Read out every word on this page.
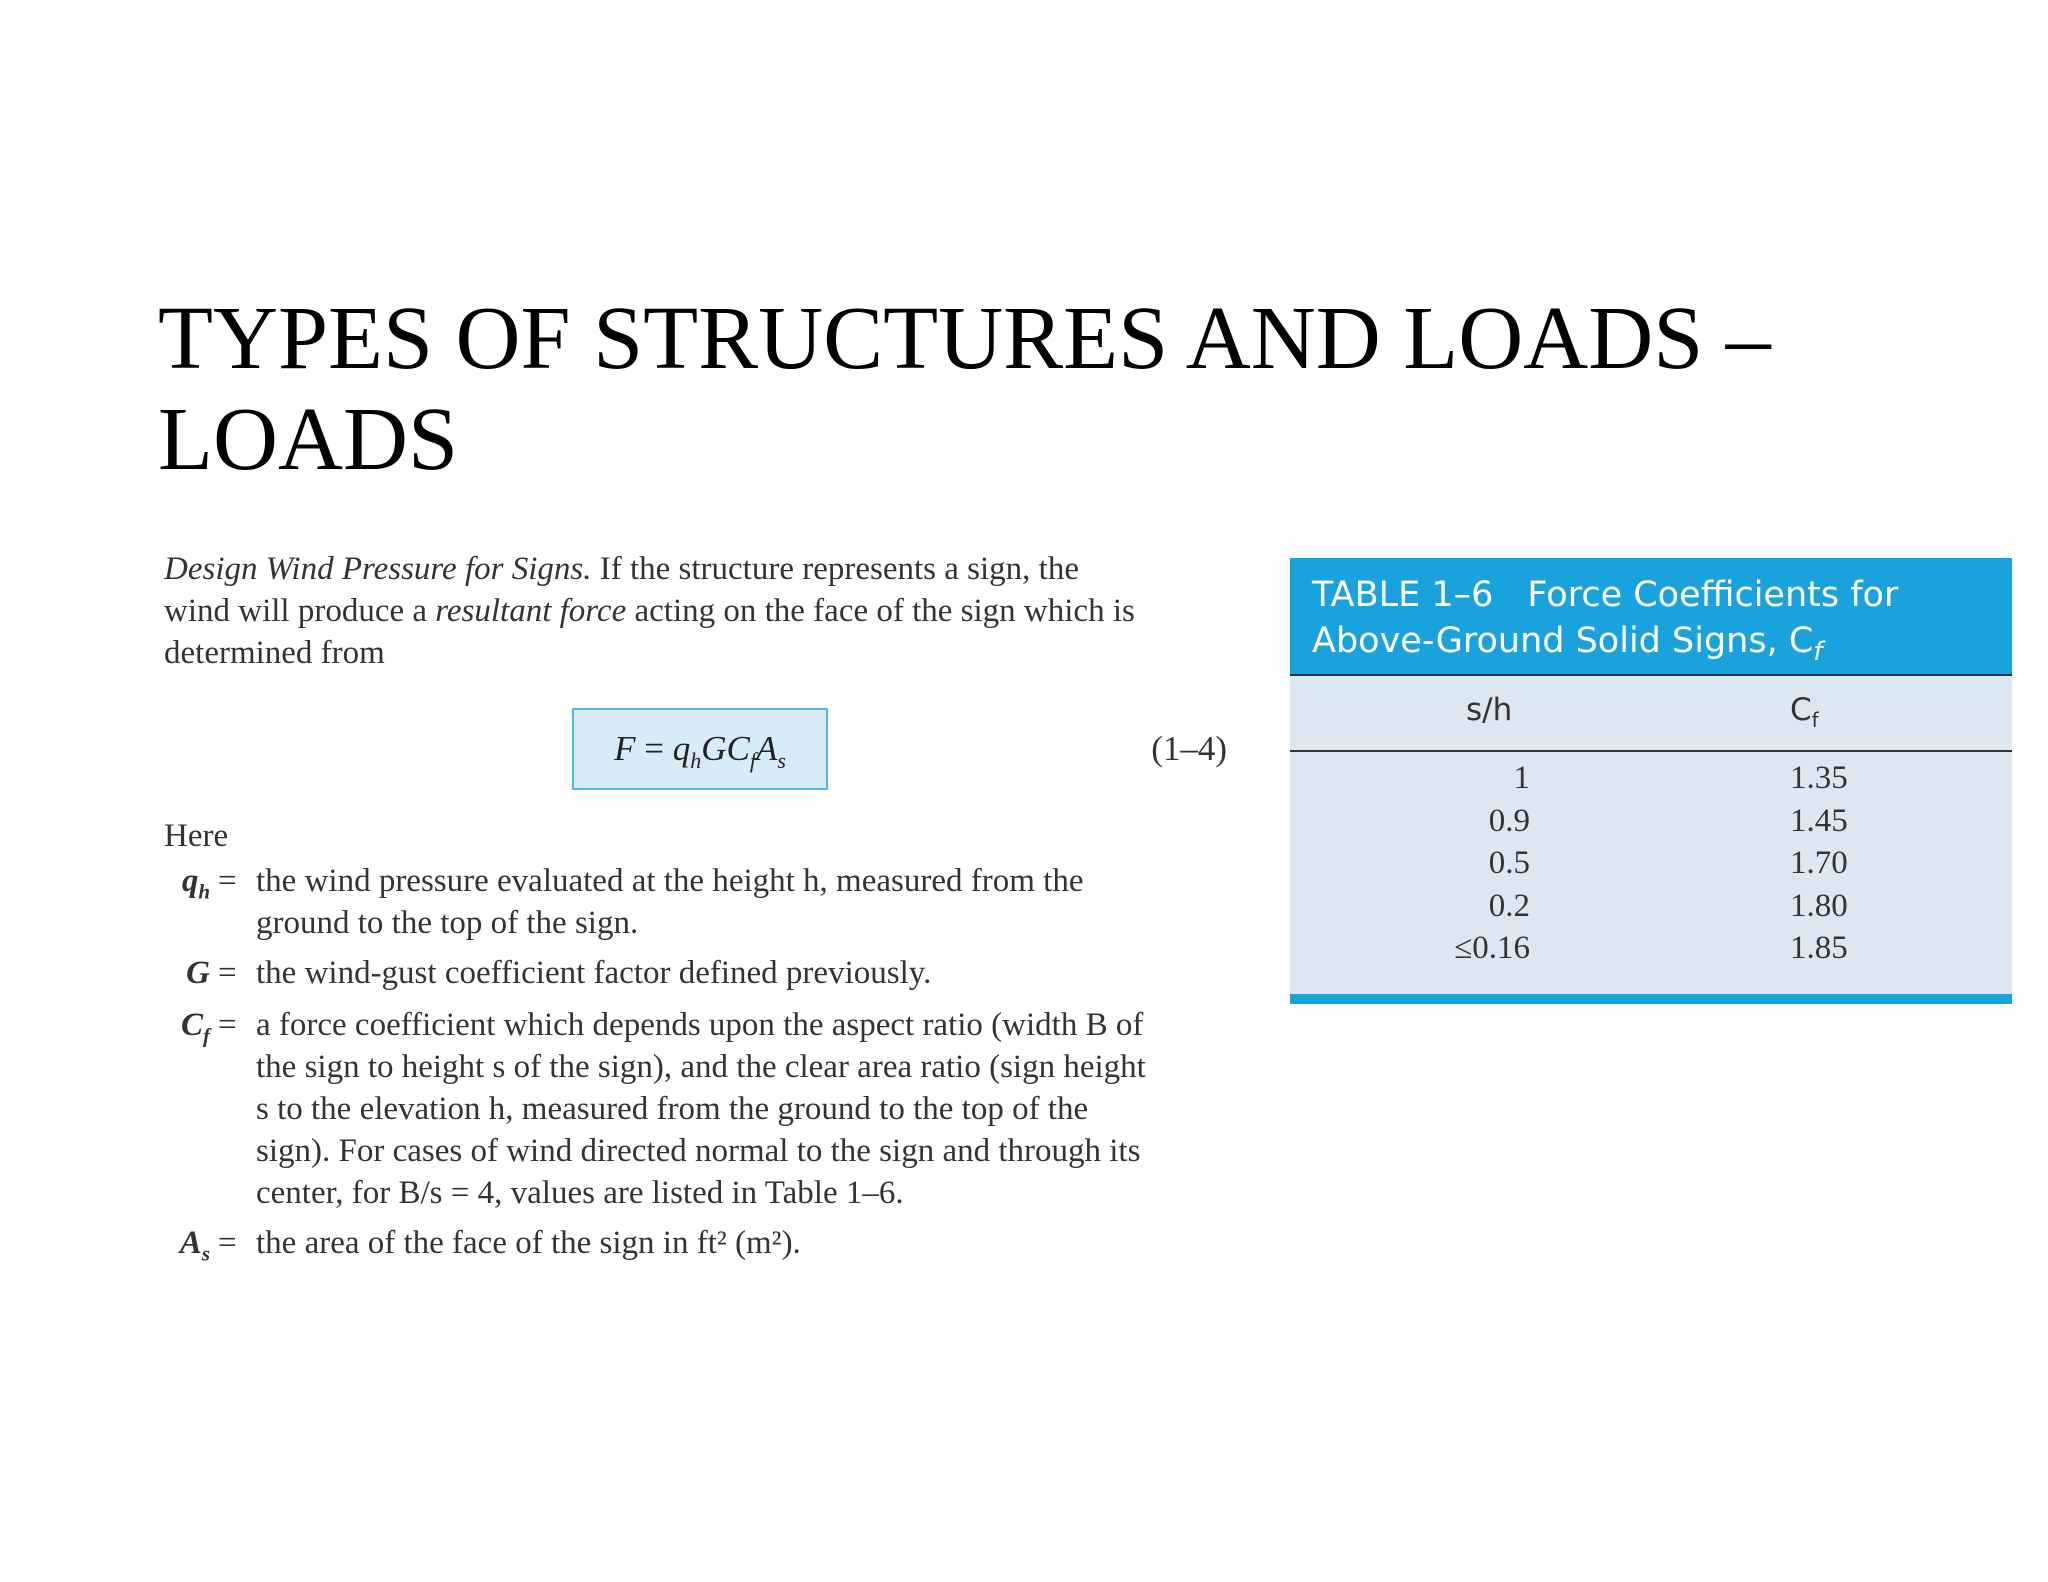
TYPES OF STRUCTURES AND LOADS –
LOADS
Design Wind Pressure for Signs. If the structure represents a sign, the
wind will produce a resultant force acting on the face of the sign which is
determined from
$F = q_hGC_fA_s$	(1–4)
Here
$q_h$ = the wind pressure evaluated at the height h, measured from the
ground to the top of the sign.
G = the wind-gust coefficient factor defined previously.
$C_f = a$ force coefficient which depends upon the aspect ratio (width B of
the sign to height s of the sign), and the clear area ratio (sign height
s to the elevation h, measured from the ground to the top of the
sign). For cases of wind directed normal to the sign and through its
center, for B/s = 4, values are listed in Table 1–6.
$A_s$ = the area of the face of the sign in ft² (m²).
TABLE 1–6 Force Coefficients for
Above-Ground Solid Signs, $C_f$
s/h	$C_f$
1	1.35
0.9	1.45
0.5	1.70
0.2	1.80
≤0.16	1.85
